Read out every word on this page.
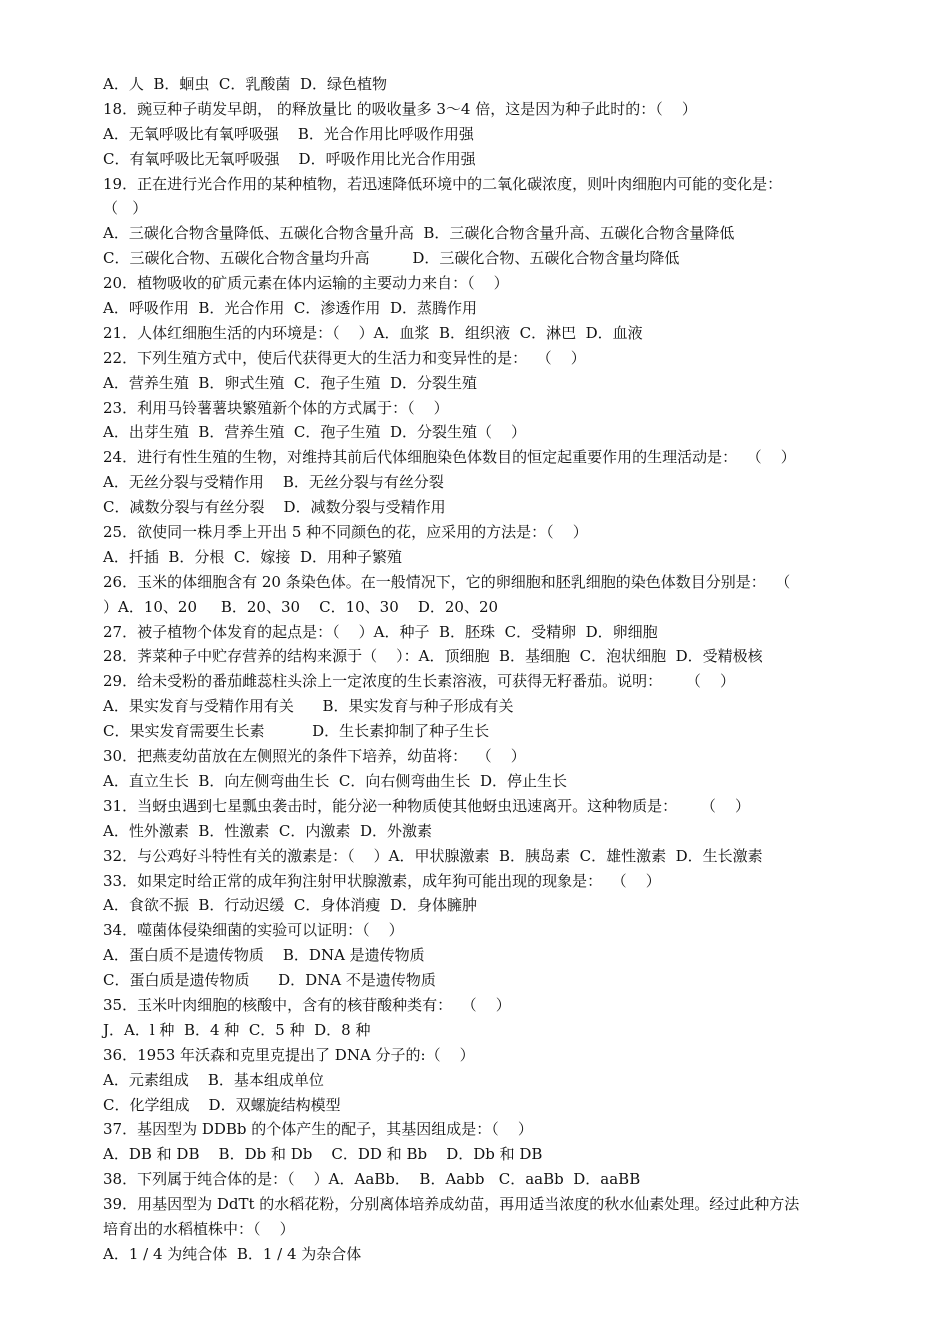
A．人  B．蛔虫  C．乳酸菌  D．绿色植物
18．豌豆种子萌发早朗， 的释放量比 的吸收量多 3～4 倍，这是因为种子此时的：（    ）
A．无氧呼吸比有氧呼吸强    B．光合作用比呼吸作用强
C．有氧呼吸比无氧呼吸强    D．呼吸作用比光合作用强
19．正在进行光合作用的某种植物，若迅速降低环境中的二氧化碳浓度，则叶肉细胞内可能的变化是：
（   ）
A．三碳化合物含量降低、五碳化合物含量升高  B．三碳化合物含量升高、五碳化合物含量降低
C．三碳化合物、五碳化合物含量均升高         D．三碳化合物、五碳化合物含量均降低
20．植物吸收的矿质元素在体内运输的主要动力来自：（    ）
A．呼吸作用  B．光合作用  C．渗透作用  D．蒸腾作用
21．人体红细胞生活的内环境是：（    ）A．血浆  B．组织液  C．淋巴  D．血液
22．下列生殖方式中，使后代获得更大的生活力和变异性的是：  （    ）
A．营养生殖  B．卵式生殖  C．孢子生殖  D．分裂生殖
23．利用马铃薯薯块繁殖新个体的方式属于：（    ）
A．出芽生殖  B．营养生殖  C．孢子生殖  D．分裂生殖（    ）
24．进行有性生殖的生物，对维持其前后代体细胞染色体数目的恒定起重要作用的生理活动是：  （    ）
A．无丝分裂与受精作用    B．无丝分裂与有丝分裂
C．减数分裂与有丝分裂    D．减数分裂与受精作用
25．欲使同一株月季上开出 5 种不同颜色的花，应采用的方法是：（    ）
A．扦插  B．分根  C．嫁接  D．用种子繁殖
26．玉米的体细胞含有 20 条染色体。在一般情况下，它的卵细胞和胚乳细胞的染色体数目分别是：  （
）A．10、20     B．20、30    C．10、30    D．20、20
27．被子植物个体发育的起点是：（    ）A．种子  B．胚珠  C．受精卵  D．卵细胞
28．荠菜种子中贮存营养的结构来源于（    ）：A．顶细胞  B．基细胞  C．泡状细胞  D．受精极核
29．给未受粉的番茄雌蕊柱头涂上一定浓度的生长素溶液，可获得无籽番茄。说明：     （    ）
A．果实发育与受精作用有关      B．果实发育与种子形成有关
C．果实发育需要生长素          D．生长素抑制了种子生长
30．把燕麦幼苗放在左侧照光的条件下培养，幼苗将：  （    ）
A．直立生长  B．向左侧弯曲生长  C．向右侧弯曲生长  D．停止生长
31．当蚜虫遇到七星瓢虫袭击时，能分泌一种物质使其他蚜虫迅速离开。这种物质是：     （    ）
A．性外激素  B．性激素  C．内激素  D．外激素
32．与公鸡好斗特性有关的激素是：（    ）A．甲状腺激素  B．胰岛素  C．雄性激素  D．生长激素
33．如果定时给正常的成年狗注射甲状腺激素，成年狗可能出现的现象是：  （    ）
A．食欲不振  B．行动迟缓  C．身体消瘦  D．身体臃肿
34．噬菌体侵染细菌的实验可以证明：（    ）
A．蛋白质不是遗传物质    B．DNA 是遗传物质
C．蛋白质是遗传物质      D．DNA 不是遗传物质
35．玉米叶肉细胞的核酸中，含有的核苷酸种类有：  （    ）
J．A．l 种  B．4 种  C．5 种  D．8 种
36．1953 年沃森和克里克提出了 DNA 分子的:（    ）
A．元素组成    B．基本组成单位
C．化学组成    D．双螺旋结构模型
37．基因型为 DDBb 的个体产生的配子，其基因组成是：（    ）
A．DB 和 DB    B．Db 和 Db    C．DD 和 Bb    D．Db 和 DB
38．下列属于纯合体的是：（    ）A．AaBb．  B．Aabb   C．aaBb  D．aaBB
39．用基因型为 DdTt 的水稻花粉，分别离体培养成幼苗，再用适当浓度的秋水仙素处理。经过此种方法
培育出的水稻植株中：（    ）
A．1 / 4 为纯合体  B．1 / 4 为杂合体
